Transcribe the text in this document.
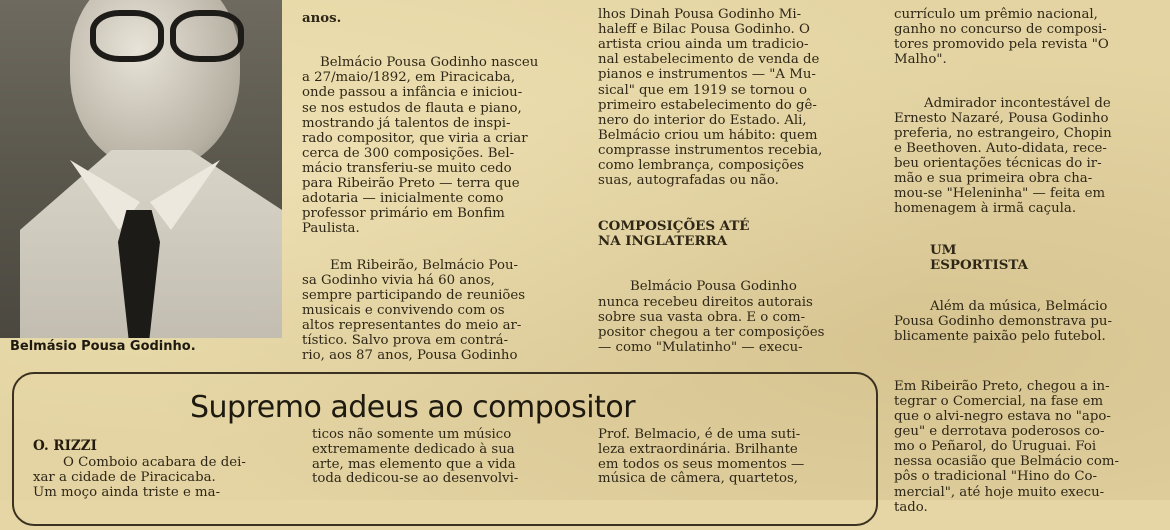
Belmásio Pousa Godinho.

anos.

Belmácio Pousa Godinho nasceu
a 27/maio/1892, em Piracicaba,
onde passou a infância e iniciou-
se nos estudos de flauta e piano,
mostrando já talentos de inspi-
rado compositor, que viria a criar
cerca de 300 composições. Bel-
mácio transferiu-se muito cedo
para Ribeirão Preto — terra que
adotaria — inicialmente como
professor primário em Bonfim
Paulista.

Em Ribeirão, Belmácio Pou-
sa Godinho vivia há 60 anos,
sempre participando de reuniões
musicais e convivendo com os
altos representantes do meio ar-
tístico. Salvo prova em contrá-
rio, aos 87 anos, Pousa Godinho

lhos Dinah Pousa Godinho Mi-
haleff e Bilac Pousa Godinho. O
artista criou ainda um tradicio-
nal estabelecimento de venda de
pianos e instrumentos — "A Mu-
sical" que em 1919 se tornou o
primeiro estabelecimento do gê-
nero do interior do Estado. Ali,
Belmácio criou um hábito: quem
comprasse instrumentos recebia,
como lembrança, composições
suas, autografadas ou não.

COMPOSIÇÕES ATÉ
NA INGLATERRA

Belmácio Pousa Godinho
nunca recebeu direitos autorais
sobre sua vasta obra. E o com-
positor chegou a ter composições
— como "Mulatinho" — execu-

currículo um prêmio nacional,
ganho no concurso de composi-
tores promovido pela revista "O
Malho".

Admirador incontestável de
Ernesto Nazaré, Pousa Godinho
preferia, no estrangeiro, Chopin
e Beethoven. Auto-didata, rece-
beu orientações técnicas do ir-
mão e sua primeira obra cha-
mou-se "Heleninha" — feita em
homenagem à irmã caçula.

UM
ESPORTISTA

Além da música, Belmácio
Pousa Godinho demonstrava pu-
blicamente paixão pelo futebol.

Em Ribeirão Preto, chegou a in-
tegrar o Comercial, na fase em
que o alvi-negro estava no "apo-
geu" e derrotava poderosos co-
mo o Peñarol, do Uruguai. Foi
nessa ocasião que Belmácio com-
pôs o tradicional "Hino do Co-
mercial", até hoje muito execu-
tado.

Supremo adeus ao compositor
O. RIZZI
O Comboio acabara de dei-
xar a cidade de Piracicaba.
Um moço ainda triste e ma-
ticos não somente um músico
extremamente dedicado à sua
arte, mas elemento que a vida
toda dedicou-se ao desenvolvi-
Prof. Belmacio, é de uma suti-
leza extraordinária. Brilhante
em todos os seus momentos —
música de câmera, quartetos,
